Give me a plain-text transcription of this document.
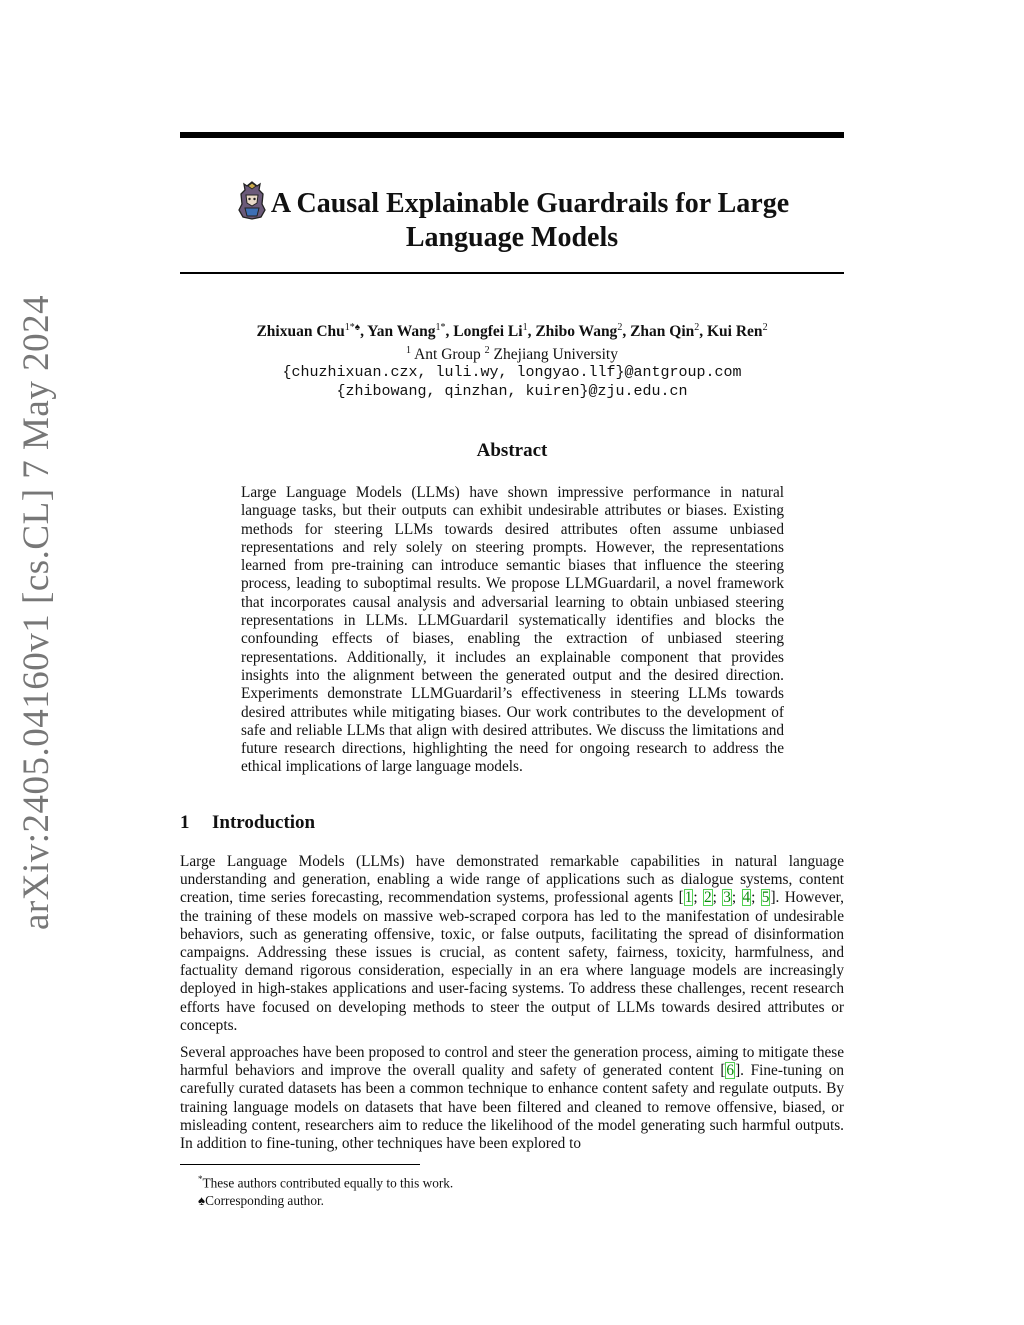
arXiv:2405.04160v1 [cs.CL] 7 May 2024
A Causal Explainable Guardrails for Large
Language Models
Zhixuan Chu$^{1*♠}$, Yan Wang$^{1*}$, Longfei Li$^1$, Zhibo Wang$^2$, Zhan Qin$^2$, Kui Ren$^2$
$^1$ Ant Group $^2$ Zhejiang University
{chuzhixuan.czx, luli.wy, longyao.llf}@antgroup.com
{zhibowang, qinzhan, kuiren}@zju.edu.cn
Abstract
Large Language Models (LLMs) have shown impressive performance in natural language tasks, but their outputs can exhibit undesirable attributes or biases. Existing methods for steering LLMs towards desired attributes often assume unbiased representations and rely solely on steering prompts. However, the representations learned from pre-training can introduce semantic biases that influence the steering process, leading to suboptimal results. We propose LLMGuardaril, a novel framework that incorporates causal analysis and adversarial learning to obtain unbiased steering representations in LLMs. LLMGuardaril systematically identifies and blocks the confounding effects of biases, enabling the extraction of unbiased steering representations. Additionally, it includes an explainable component that provides insights into the alignment between the generated output and the desired direction. Experiments demonstrate LLMGuardaril’s effectiveness in steering LLMs towards desired attributes while mitigating biases. Our work contributes to the development of safe and reliable LLMs that align with desired attributes. We discuss the limitations and future research directions, highlighting the need for ongoing research to address the ethical implications of large language models.
1 Introduction

Large Language Models (LLMs) have demonstrated remarkable capabilities in natural language understanding and generation, enabling a wide range of applications such as dialogue systems, content creation, time series forecasting, recommendation systems, professional agents [1; 2; 3; 4; 5]. However, the training of these models on massive web-scraped corpora has led to the manifestation of undesirable behaviors, such as generating offensive, toxic, or false outputs, facilitating the spread of disinformation campaigns. Addressing these issues is crucial, as content safety, fairness, toxicity, harmfulness, and factuality demand rigorous consideration, especially in an era where language models are increasingly deployed in high-stakes applications and user-facing systems. To address these challenges, recent research efforts have focused on developing methods to steer the output of LLMs towards desired attributes or concepts.

Several approaches have been proposed to control and steer the generation process, aiming to mitigate these harmful behaviors and improve the overall quality and safety of generated content [6]. Fine-tuning on carefully curated datasets has been a common technique to enhance content safety and regulate outputs. By training language models on datasets that have been filtered and cleaned to remove offensive, biased, or misleading content, researchers aim to reduce the likelihood of the model generating such harmful outputs. In addition to fine-tuning, other techniques have been explored to

*These authors contributed equally to this work.
♠Corresponding author.
